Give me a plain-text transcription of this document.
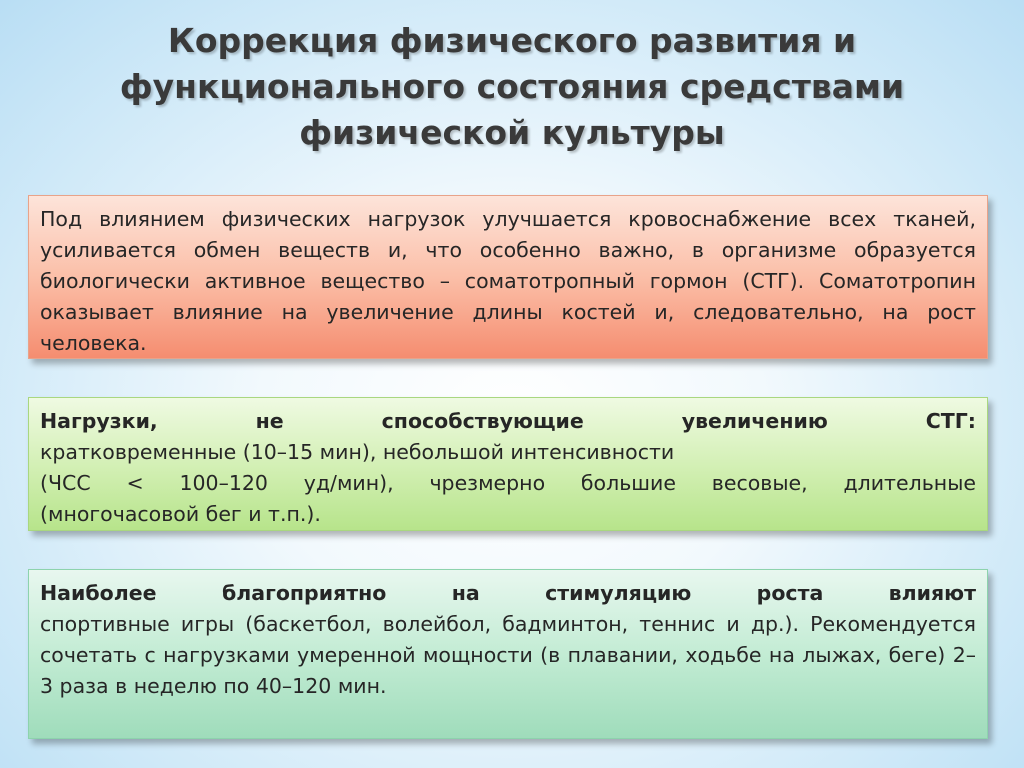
Коррекция физического развития и
функционального состояния средствами
физической культуры

Под влиянием физических нагрузок улучшается кровоснабжение всех тканей, усиливается обмен веществ и, что особенно важно, в организме образуется биологически активное вещество – соматотропный гормон (СТГ). Соматотропин оказывает влияние на увеличение длины костей и, следовательно, на рост человека.

Нагрузки, не способствующие увеличению СТГ:
кратковременные (10–15 мин), небольшой интенсивности
(ЧСС < 100–120 уд/мин), чрезмерно большие весовые, длительные
(многочасовой бег и т.п.).
Наиболее благоприятно на стимуляцию роста влияют

спортивные игры (баскетбол, волейбол, бадминтон, теннис и др.). Рекомендуется сочетать с нагрузками умеренной мощности (в плавании, ходьбе на лыжах, беге) 2–3 раза в неделю по 40–120 мин.
